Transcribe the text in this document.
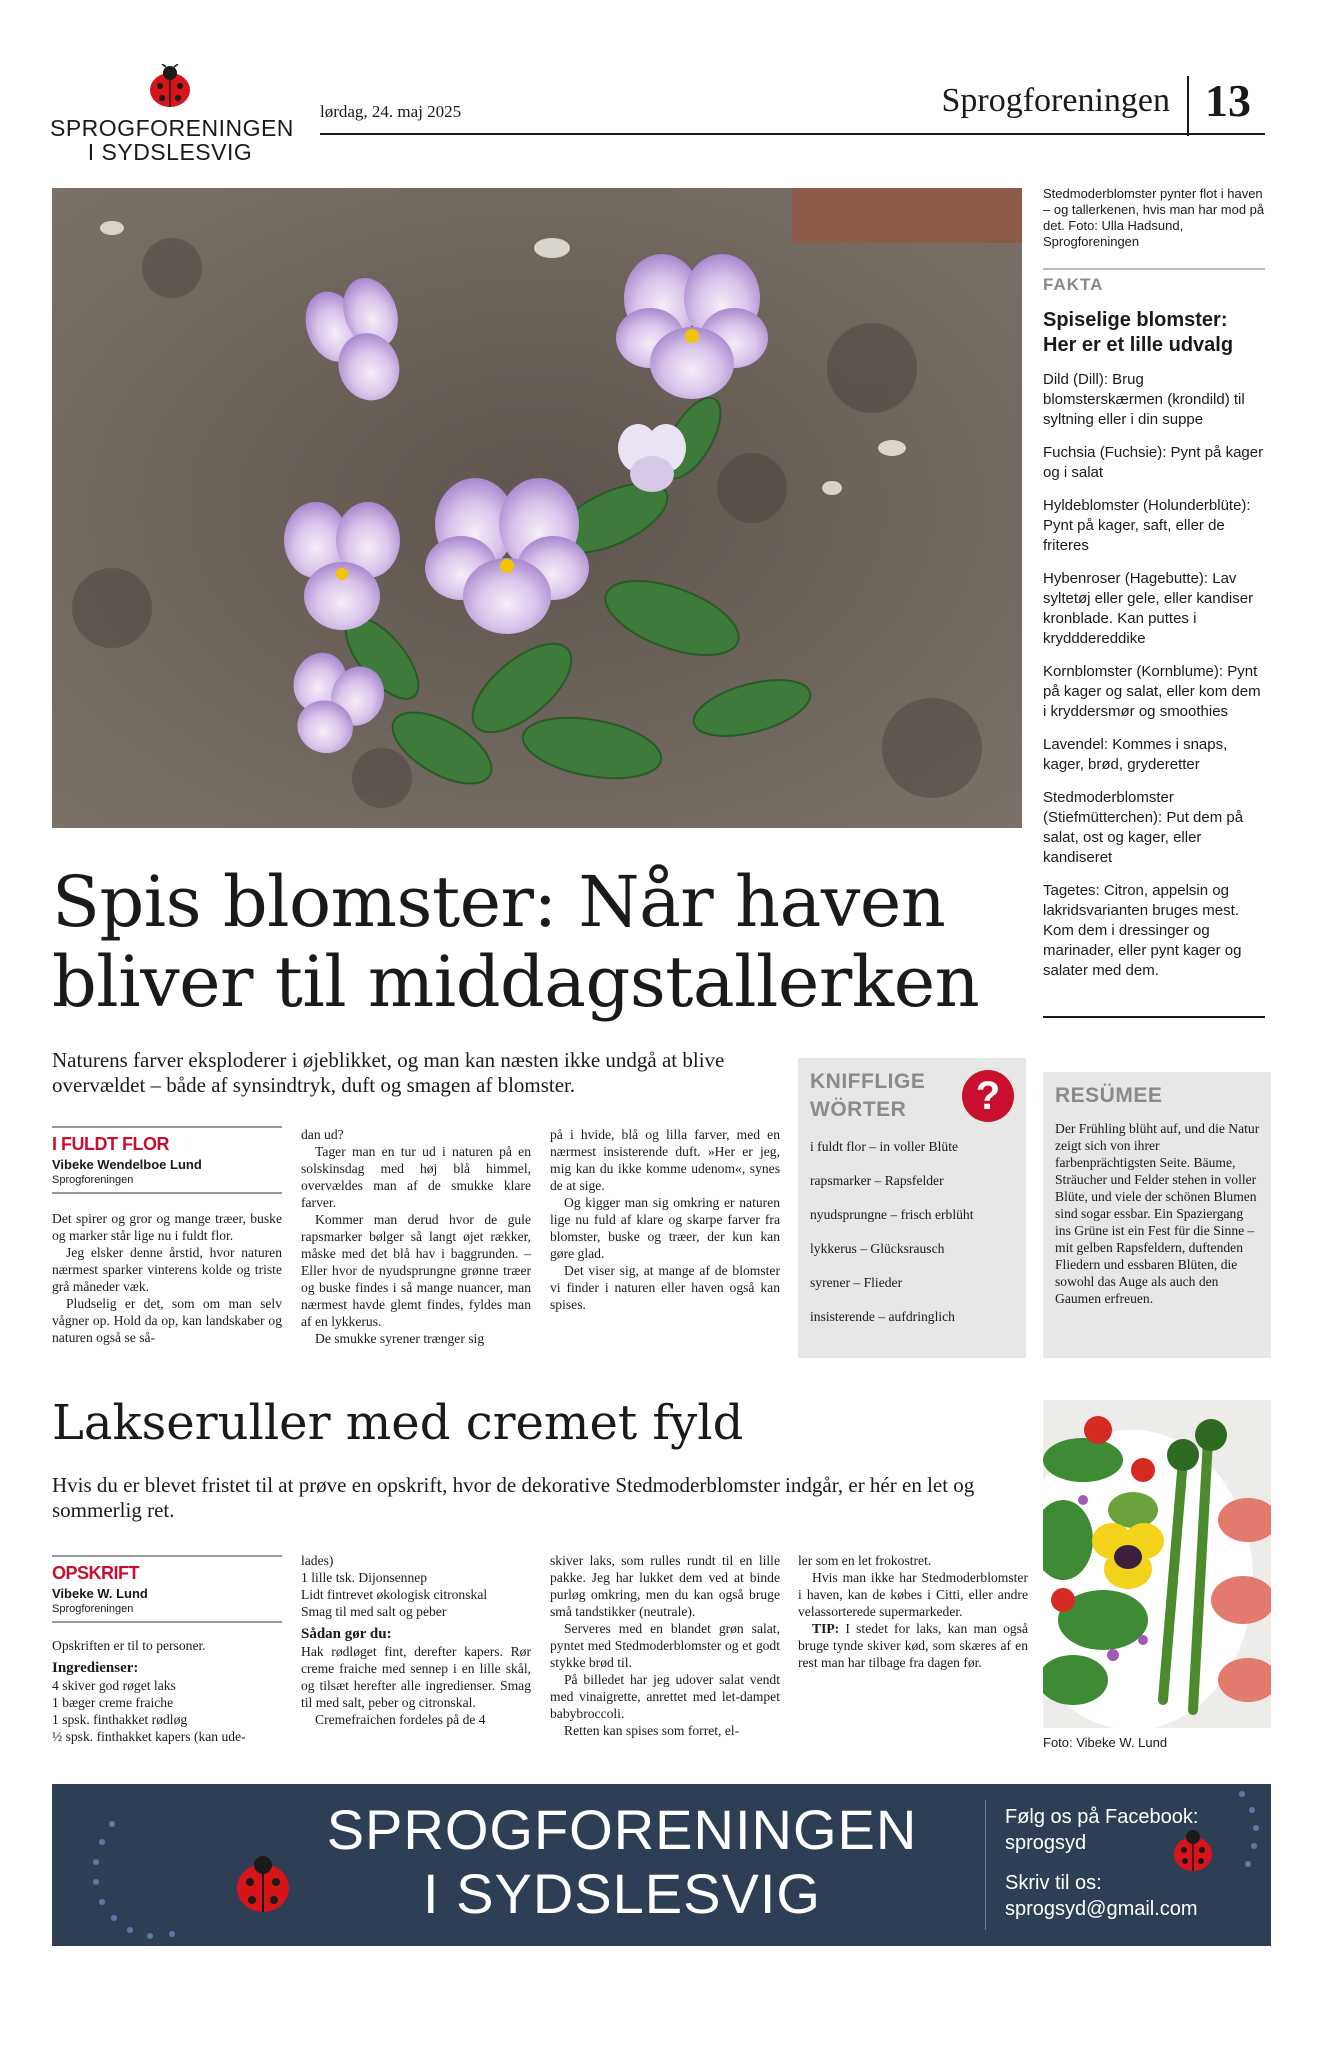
SPROGFORENINGEN
I SYDSLESVIG
lørdag, 24. maj 2025	Sprogforeningen 13
Stedmoderblomster pynter flot i haven – og tallerkenen, hvis man har mod på det. Foto: Ulla Hadsund, Sprogforeningen
FAKTA
Spiselige blomster: Her er et lille udvalg
Dild (Dill): Brug blomsterskærmen (krondild) til syltning eller i din suppe
Fuchsia (Fuchsie): Pynt på kager og i salat
Hyldeblomster (Holunderblüte): Pynt på kager, saft, eller de friteres
Hybenroser (Hagebutte): Lav syltetøj eller gele, eller kandiser kronblade. Kan puttes i krydddereddike
Kornblomster (Kornblume): Pynt på kager og salat, eller kom dem i kryddersmør og smoothies
Lavendel: Kommes i snaps, kager, brød, gryderetter
Stedmoderblomster (Stiefmütterchen): Put dem på salat, ost og kager, eller kandiseret
Tagetes: Citron, appelsin og lakridsvarianten bruges mest. Kom dem i dressinger og marinader, eller pynt kager og salater med dem.
Spis blomster: Når haven bliver til middagstallerken
Naturens farver eksploderer i øjeblikket, og man kan næsten ikke undgå at blive overvældet – både af synsindtryk, duft og smagen af blomster.
I FULDT FLOR
Vibeke Wendelboe Lund
Sprogforeningen

Det spirer og gror og mange træer, buske og marker står lige nu i fuldt flor.

Jeg elsker denne årstid, hvor naturen nærmest sparker vinterens kolde og triste grå måneder væk.

Pludselig er det, som om man selv vågner op. Hold da op, kan landskaber og naturen også se så-

dan ud?

Tager man en tur ud i naturen på en solskinsdag med høj blå himmel, overvældes man af de smukke klare farver.

Kommer man derud hvor de gule rapsmarker bølger så langt øjet rækker, måske med det blå hav i baggrunden. – Eller hvor de nyudsprungne grønne træer og buske findes i så mange nuancer, man nærmest havde glemt findes, fyldes man af en lykkerus.

De smukke syrener trænger sig

på i hvide, blå og lilla farver, med en nærmest insisterende duft. »Her er jeg, mig kan du ikke komme udenom«, synes de at sige.

Og kigger man sig omkring er naturen lige nu fuld af klare og skarpe farver fra blomster, buske og træer, der kun kan gøre glad.

Det viser sig, at mange af de blomster vi finder i naturen eller haven også kan spises.

KNIFFLIGE
WÖRTER	?
i fuldt flor – in voller Blüte
rapsmarker – Rapsfelder
nyudsprungne – frisch erblüht
lykkerus – Glücksrausch
syrener – Flieder
insisterende – aufdringlich
RESÜMEE
Der Frühling blüht auf, und die Natur zeigt sich von ihrer farbenprächtigsten Seite. Bäume, Sträucher und Felder stehen in voller Blüte, und viele der schönen Blumen sind sogar essbar. Ein Spaziergang ins Grüne ist ein Fest für die Sinne – mit gelben Rapsfeldern, duftenden Fliedern und essbaren Blüten, die sowohl das Auge als auch den Gaumen erfreuen.
Lakseruller med cremet fyld
Hvis du er blevet fristet til at prøve en opskrift, hvor de dekorative Stedmoderblomster indgår, er hér en let og sommerlig ret.
OPSKRIFT
Vibeke W. Lund
Sprogforeningen

Opskriften er til to personer.

Ingredienser:

4 skiver god røget laks

1 bæger creme fraiche

1 spsk. finthakket rødløg

½ spsk. finthakket kapers (kan ude-

lades)

1 lille tsk. Dijonsennep

Lidt fintrevet økologisk citronskal

Smag til med salt og peber

Sådan gør du:

Hak rødløget fint, derefter kapers. Rør creme fraiche med sennep i en lille skål, og tilsæt herefter alle ingredienser. Smag til med salt, peber og citronskal.

Cremefraichen fordeles på de 4

skiver laks, som rulles rundt til en lille pakke. Jeg har lukket dem ved at binde purløg omkring, men du kan også bruge små tandstikker (neutrale).

Serveres med en blandet grøn salat, pyntet med Stedmoderblomster og et godt stykke brød til.

På billedet har jeg udover salat vendt med vinaigrette, anrettet med let-dampet babybroccoli.

Retten kan spises som forret, el-

ler som en let frokostret.

Hvis man ikke har Stedmoderblomster i haven, kan de købes i Citti, eller andre velassorterede supermarkeder.

TIP: I stedet for laks, kan man også bruge tynde skiver kød, som skæres af en rest man har tilbage fra dagen før.

Foto: Vibeke W. Lund
SPROGFORENINGEN
I SYDSLESVIG
Følg os på Facebook:
sprogsyd
Skriv til os:
sprogsyd@gmail.com
